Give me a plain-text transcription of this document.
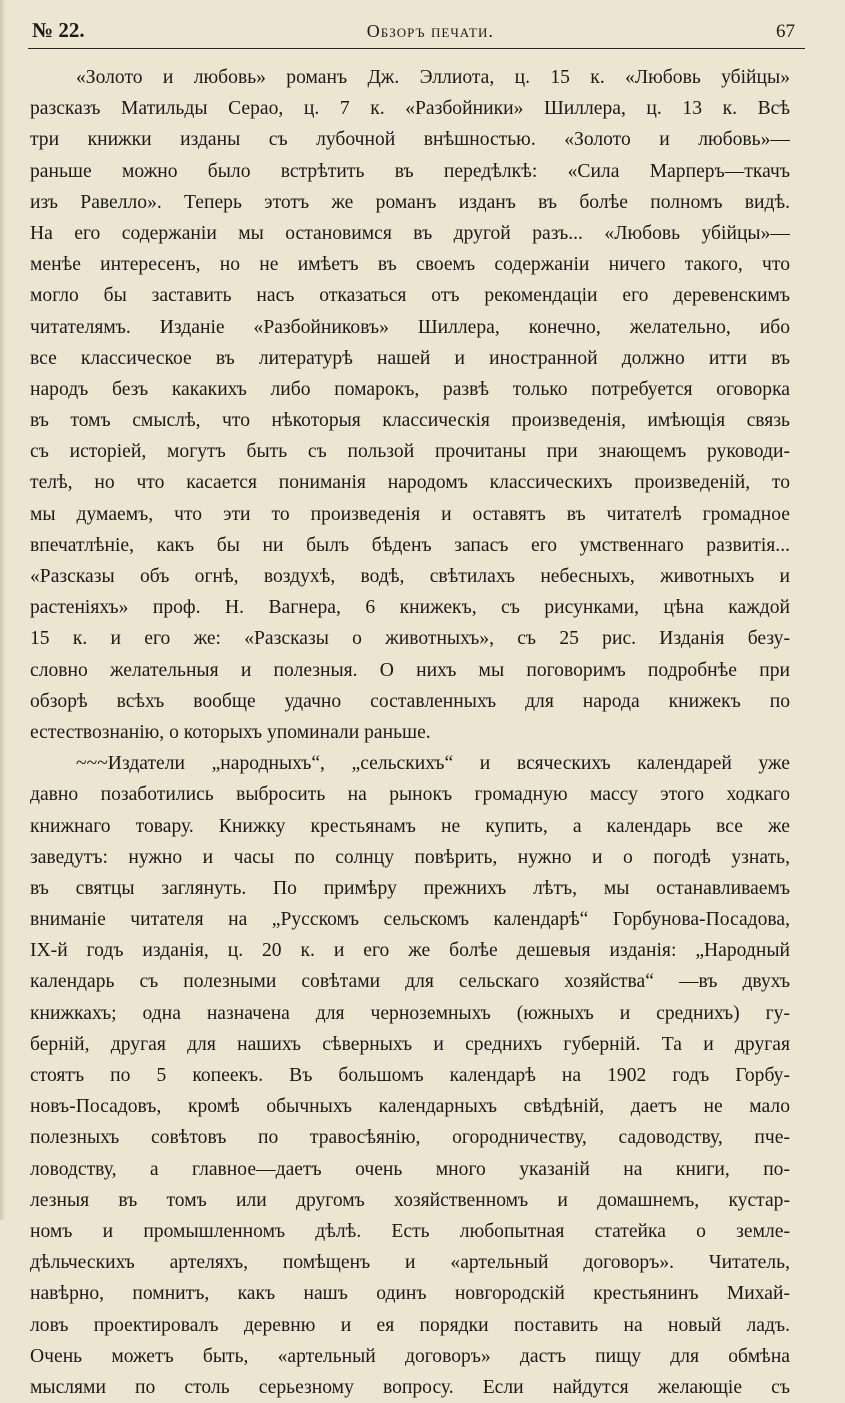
№ 22.	Обзоръ печати.	67
«Золото и любовь» романъ Дж. Эллиота, ц. 15 к. «Любовь убійцы»
разсказъ Матильды Серао, ц. 7 к. «Разбойники» Шиллера, ц. 13 к. Всѣ
три книжки изданы съ лубочной внѣшностью. «Золото и любовь»—
раньше можно было встрѣтить въ передѣлкѣ: «Сила Марперъ—ткачъ
изъ Равелло». Теперь этотъ же романъ изданъ въ болѣе полномъ видѣ.
На его содержаніи мы остановимся въ другой разъ... «Любовь убійцы»—
менѣе интересенъ, но не имѣетъ въ своемъ содержаніи ничего такого, что
могло бы заставить насъ отказаться отъ рекомендаціи его деревенскимъ
читателямъ. Изданіе «Разбойниковъ» Шиллера, конечно, желательно, ибо
все классическое въ литературѣ нашей и иностранной должно итти въ
народъ безъ какакихъ либо помарокъ, развѣ только потребуется оговорка
въ томъ смыслѣ, что нѣкоторыя классическія произведенія, имѣющія связь
съ исторіей, могутъ быть съ пользой прочитаны при знающемъ руководи-
телѣ, но что касается пониманія народомъ классическихъ произведеній, то
мы думаемъ, что эти то произведенія и оставятъ въ читателѣ громадное
впечатлѣніе, какъ бы ни былъ бѣденъ запасъ его умственнаго развитія...
«Разсказы объ огнѣ, воздухѣ, водѣ, свѣтилахъ небесныхъ, животныхъ и
растеніяхъ» проф. Н. Вагнера, 6 книжекъ, съ рисунками, цѣна каждой
15 к. и его же: «Разсказы о животныхъ», съ 25 рис. Изданія безу-
словно желательныя и полезныя. О нихъ мы поговоримъ подробнѣе при
обзорѣ всѣхъ вообще удачно составленныхъ для народа книжекъ по
естествознанію, о которыхъ упоминали раньше.
~~~Издатели „народныхъ“, „сельскихъ“ и всяческихъ календарей уже
давно позаботились выбросить на рынокъ громадную массу этого ходкаго
книжнаго товару. Книжку крестьянамъ не купить, а календарь все же
заведутъ: нужно и часы по солнцу повѣрить, нужно и о погодѣ узнать,
въ святцы заглянуть. По примѣру прежнихъ лѣтъ, мы останавливаемъ
вниманіе читателя на „Русскомъ сельскомъ календарѣ“ Горбунова-Посадова,
IX-й годъ изданія, ц. 20 к. и его же болѣе дешевыя изданія: „Народный
календарь съ полезными совѣтами для сельскаго хозяйства“ —въ двухъ
книжкахъ; одна назначена для черноземныхъ (южныхъ и среднихъ) гу-
берній, другая для нашихъ сѣверныхъ и среднихъ губерній. Та и другая
стоятъ по 5 копеекъ. Въ большомъ календарѣ на 1902 годъ Горбу-
новъ-Посадовъ, кромѣ обычныхъ календарныхъ свѣдѣній, даетъ не мало
полезныхъ совѣтовъ по травосѣянію, огородничеству, садоводству, пче-
ловодству, а главное—даетъ очень много указаній на книги, по-
лезныя въ томъ или другомъ хозяйственномъ и домашнемъ, кустар-
номъ и промышленномъ дѣлѣ. Есть любопытная статейка о земле-
дѣльческихъ артеляхъ, помѣщенъ и «артельный договоръ». Читатель,
навѣрно, помнитъ, какъ нашъ одинъ новгородскій крестьянинъ Михай-
ловъ проектировалъ деревню и ея порядки поставить на новый ладъ.
Очень можетъ быть, «артельный договоръ» дастъ пищу для обмѣна
мыслями по столь серьезному вопросу. Если найдутся желающіе съ
